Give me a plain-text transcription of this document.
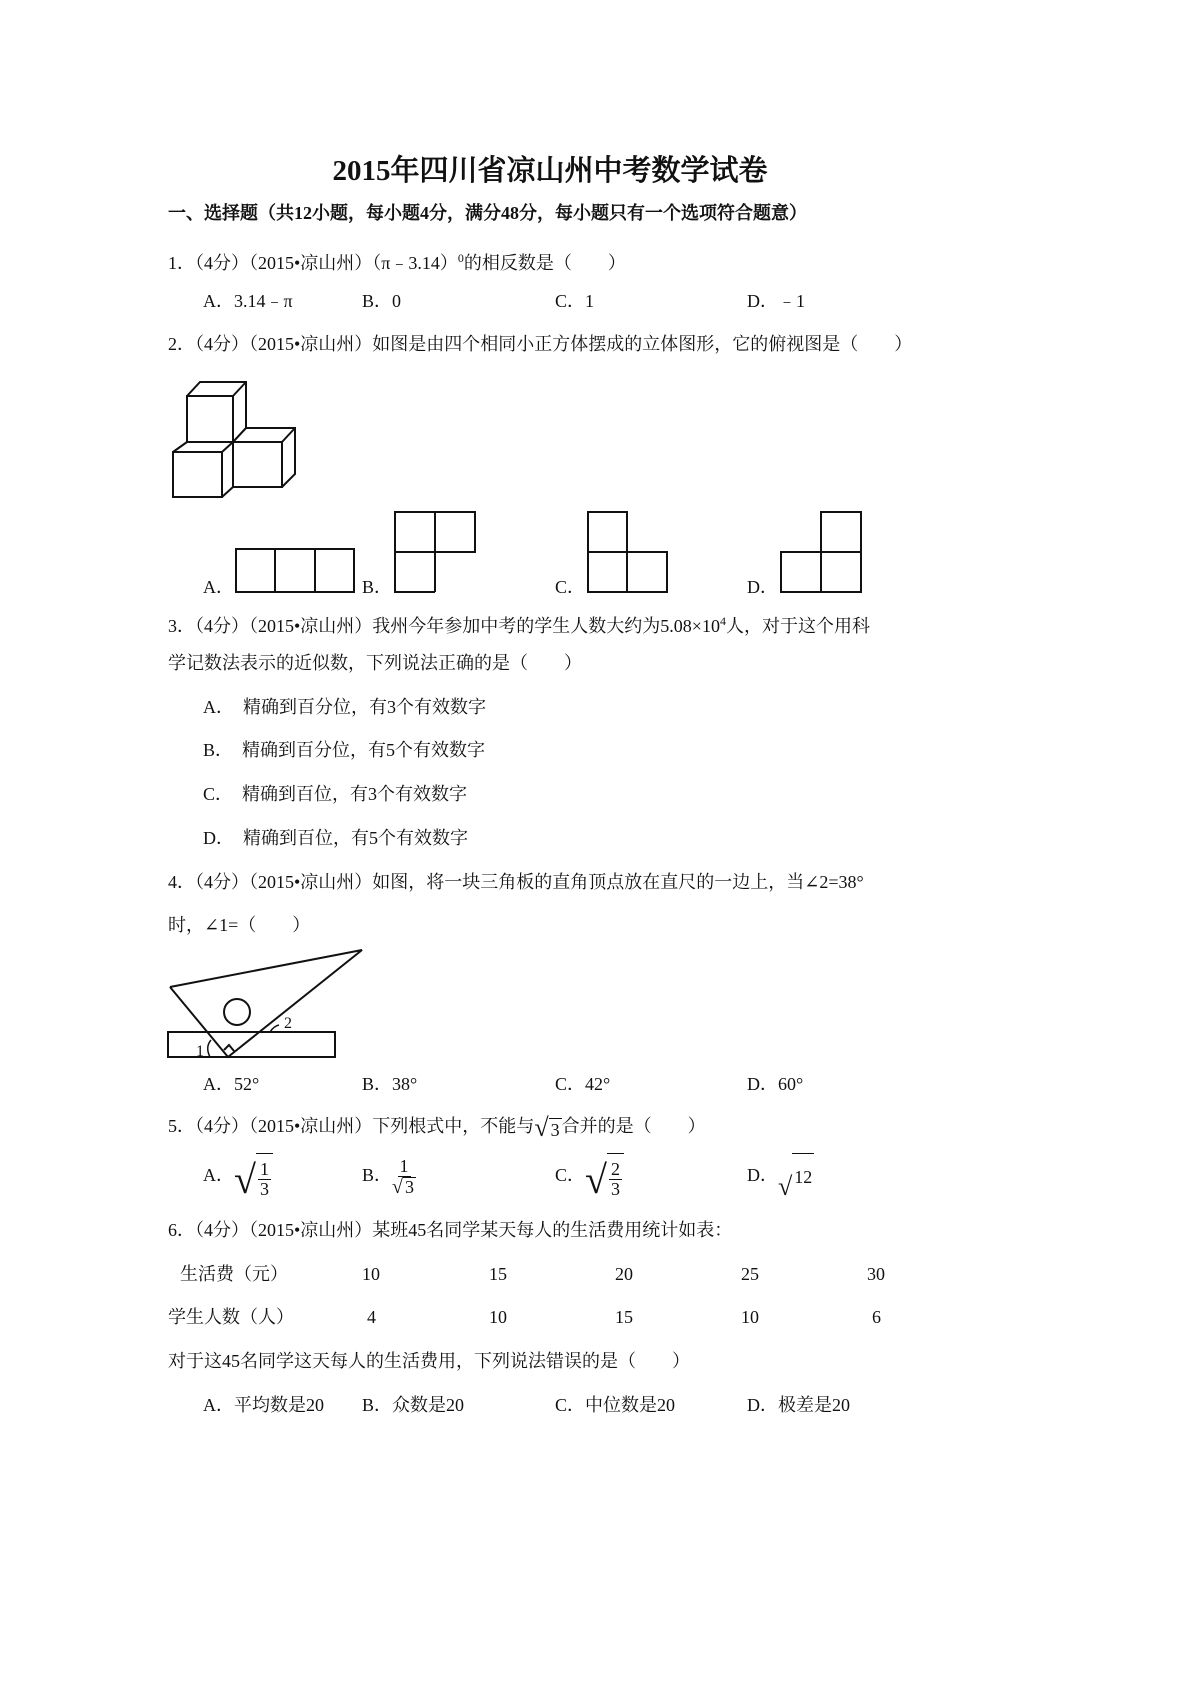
2015年四川省凉山州中考数学试卷
一、选择题（共12小题，每小题4分，满分48分，每小题只有一个选项符合题意）
1．（4分）（2015•凉山州）（π﹣3.14）$^0$的相反数是（　　）
A．3.14﹣π	B．0	C．1	D．﹣1
2．（4分）（2015•凉山州）如图是由四个相同小正方体摆成的立体图形，它的俯视图是（　　）
A．	B．	C．	D．
1
2
3．（4分）（2015•凉山州）我州今年参加中考的学生人数大约为$5.08\times 10^4$人，对于这个用科
学记数法表示的近似数，下列说法正确的是（　　）
A．　精确到百分位，有3个有效数字
B．　精确到百分位，有5个有效数字
C．　精确到百位，有3个有效数字
D．　精确到百位，有5个有效数字
4．（4分）（2015•凉山州）如图，将一块三角板的直角顶点放在直尺的一边上，当∠2=38°
时，∠1=（　　）
A．52°	B．38°	C．42°	D．60°
5．（4分）（2015•凉山州）下列根式中，不能与 √ 3 合并的是（　　）
A． √ $\frac{1}{3}$	B． $\frac{1}{√ 3}$	C． √ $\frac{2}{3}$	D． √ 12
6．（4分）（2015•凉山州）某班45名同学某天每人的生活费用统计如表：
生活费（元）	10	15	20	25	30
学生人数（人）	4	10	15	10	6
对于这45名同学这天每人的生活费用，下列说法错误的是（　　）
A．平均数是20 B．众数是20	C．中位数是20	D．极差是20
